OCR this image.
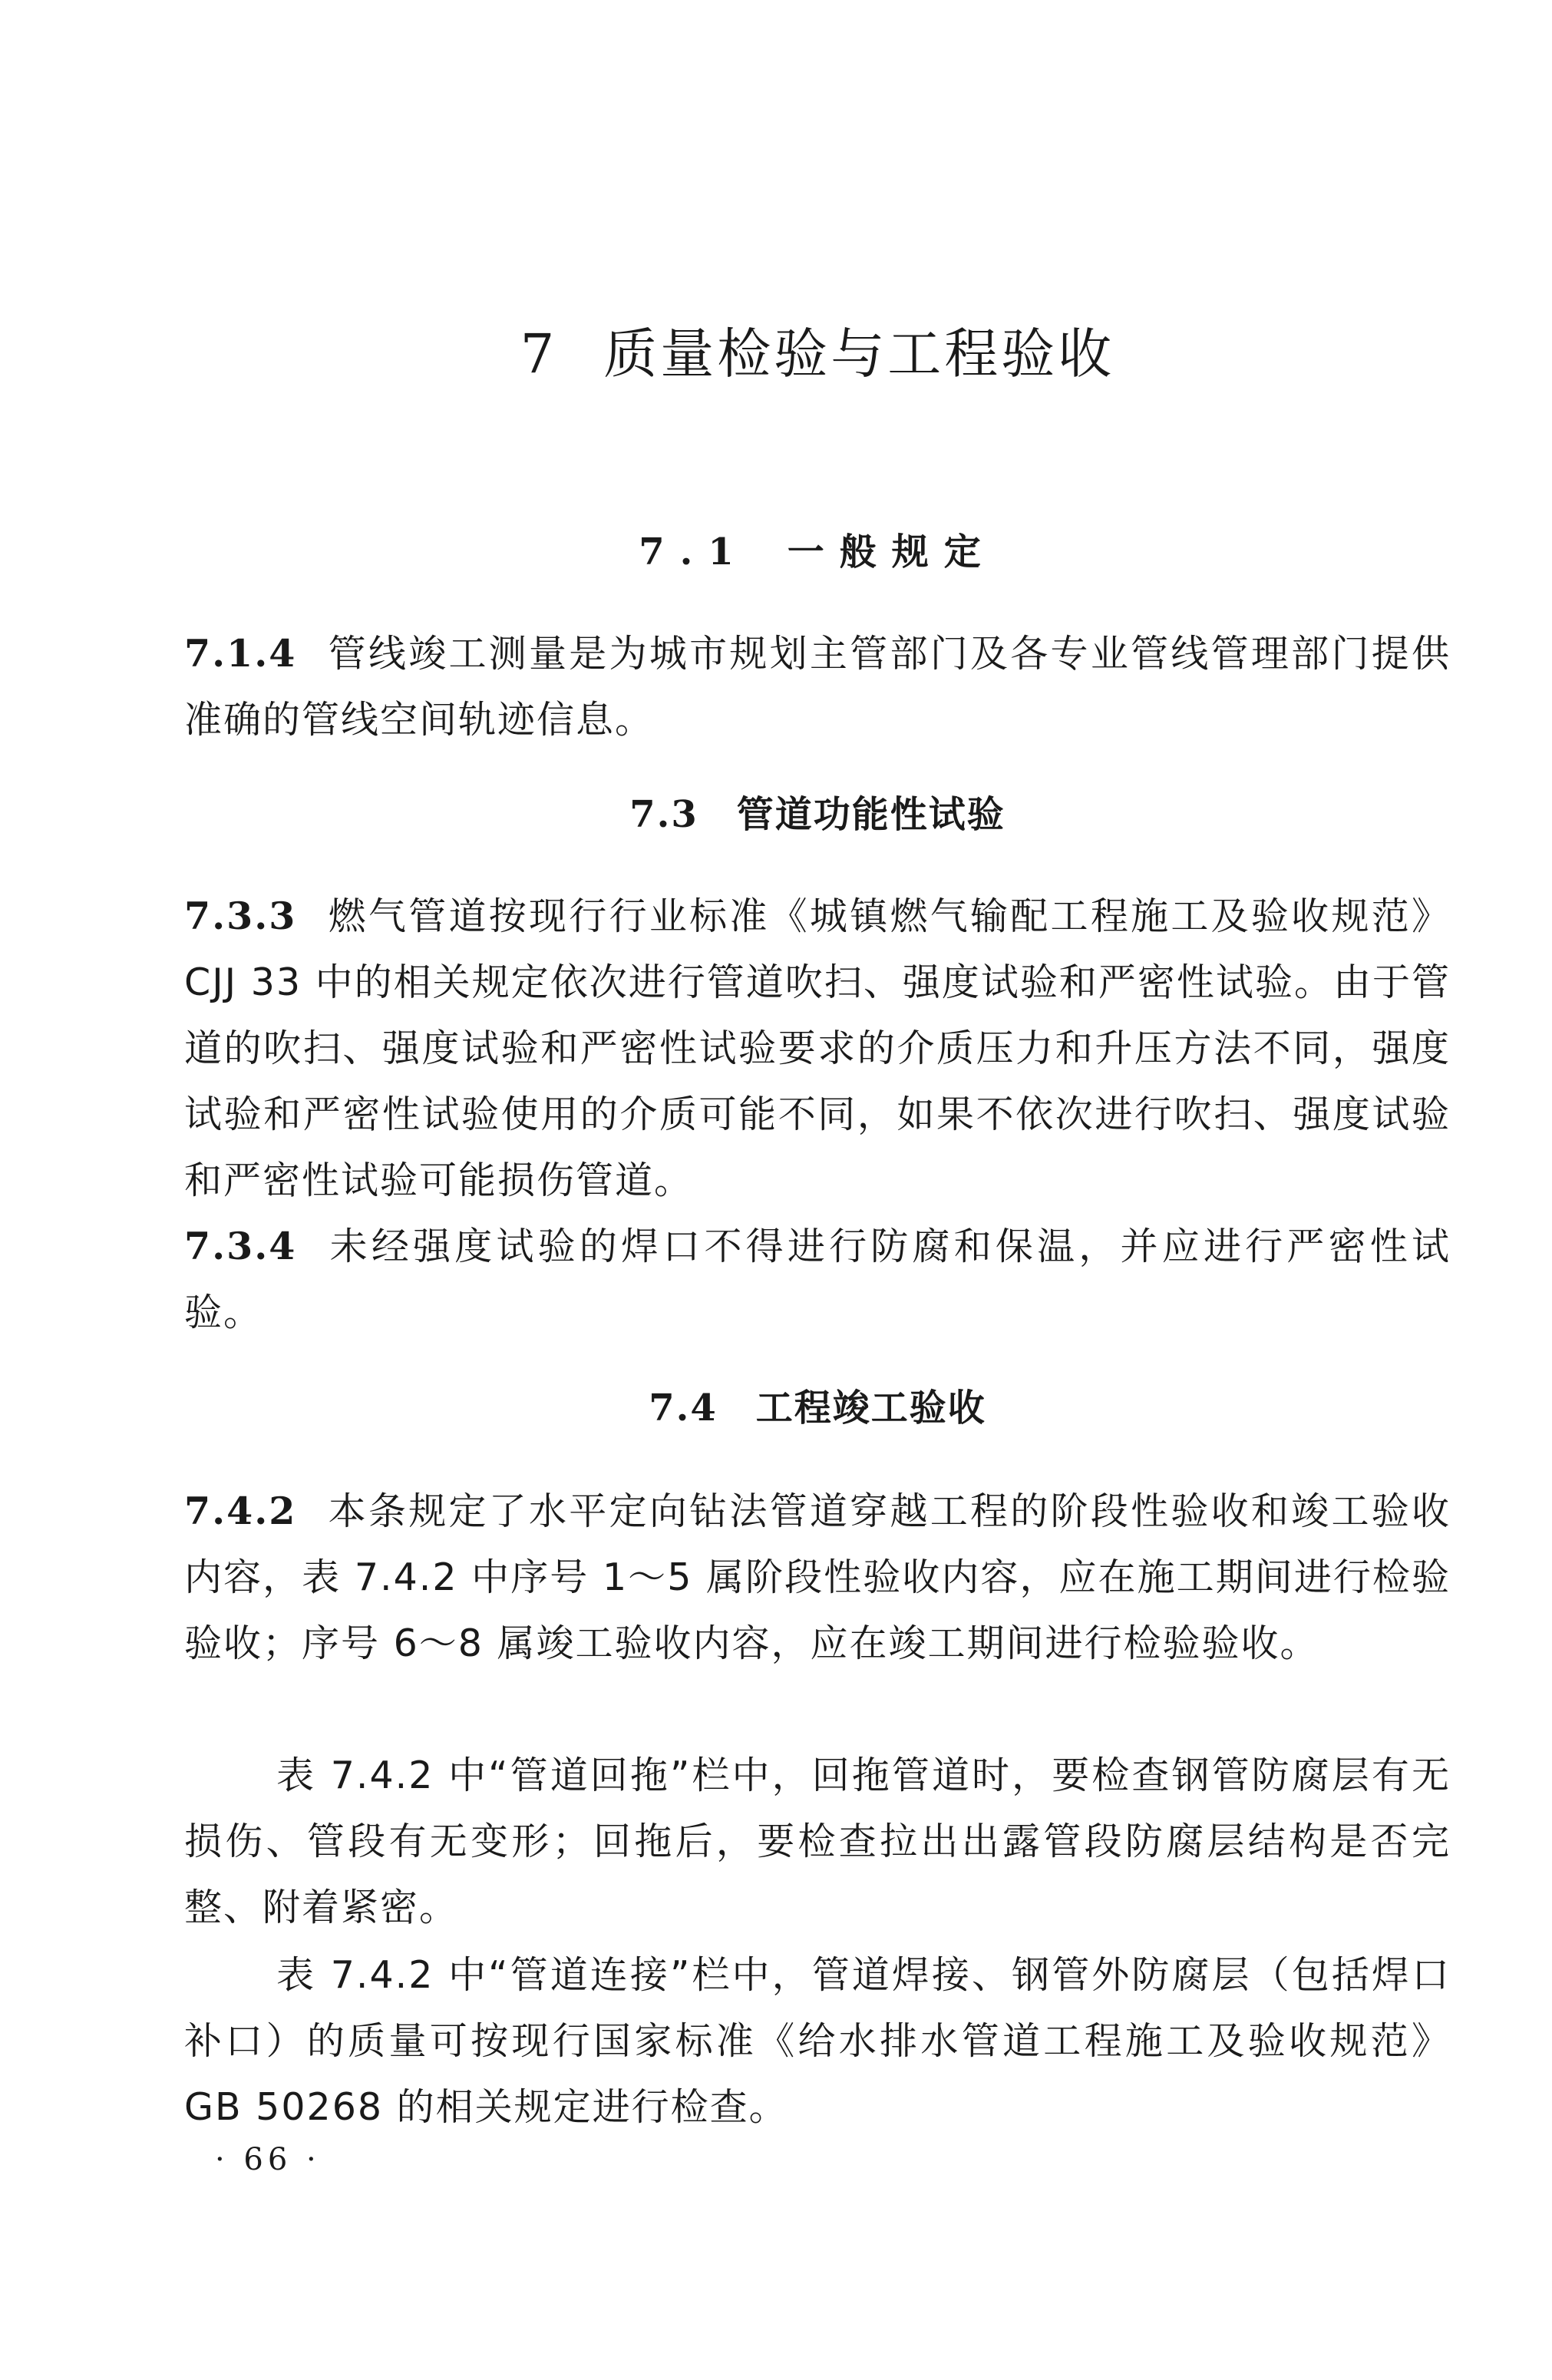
7 质量检验与工程验收
7.1 一般规定
7.1.4 管线竣工测量是为城市规划主管部门及各专业管线管理部门提供准确的管线空间轨迹信息。
7.3 管道功能性试验
7.3.3 燃气管道按现行行业标准《城镇燃气输配工程施工及验收规范》CJJ 33 中的相关规定依次进行管道吹扫、强度试验和严密性试验。由于管道的吹扫、强度试验和严密性试验要求的介质压力和升压方法不同，强度试验和严密性试验使用的介质可能不同，如果不依次进行吹扫、强度试验和严密性试验可能损伤管道。
7.3.4 未经强度试验的焊口不得进行防腐和保温，并应进行严密性试验。
7.4 工程竣工验收
7.4.2 本条规定了水平定向钻法管道穿越工程的阶段性验收和竣工验收内容，表 7.4.2 中序号 1～5 属阶段性验收内容，应在施工期间进行检验验收；序号 6～8 属竣工验收内容，应在竣工期间进行检验验收。
表 7.4.2 中“管道回拖”栏中，回拖管道时，要检查钢管防腐层有无损伤、管段有无变形；回拖后，要检查拉出出露管段防腐层结构是否完整、附着紧密。
表 7.4.2 中“管道连接”栏中，管道焊接、钢管外防腐层（包括焊口补口）的质量可按现行国家标准《给水排水管道工程施工及验收规范》GB 50268 的相关规定进行检查。
· 66 ·
